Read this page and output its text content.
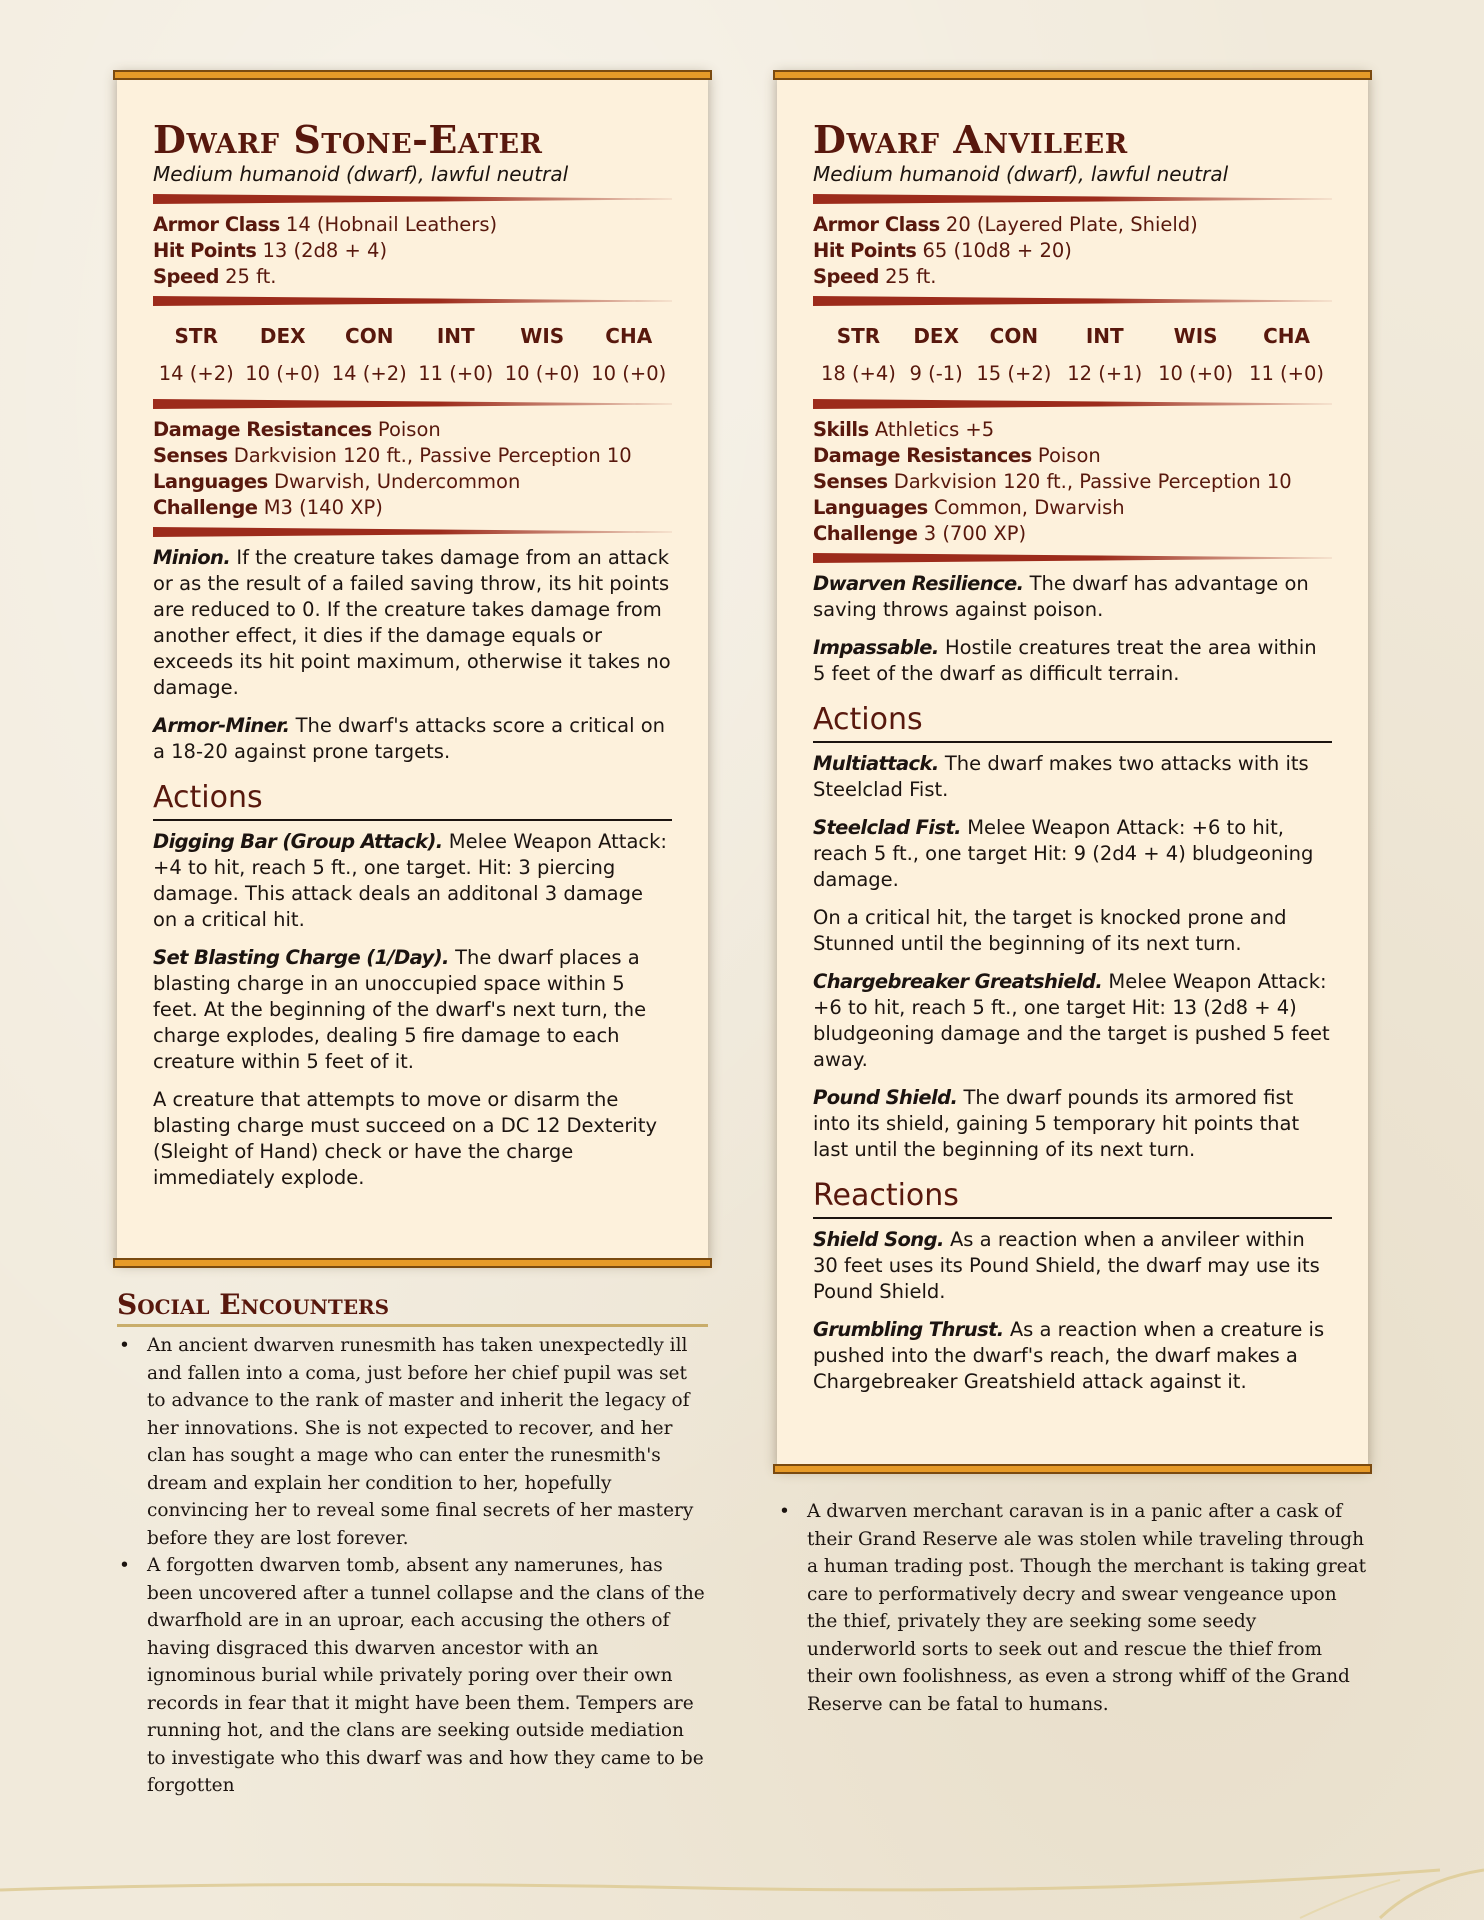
Dwarf Stone-Eater
Medium humanoid (dwarf), lawful neutral
Armor Class 14 (Hobnail Leathers)
Hit Points 13 (2d8 + 4)
Speed 25 ft.
STR	DEX	CON	INT	WIS	CHA
14 (+2)	10 (+0)	14 (+2)	11 (+0)	10 (+0)	10 (+0)
Damage Resistances Poison
Senses Darkvision 120 ft., Passive Perception 10
Languages Dwarvish, Undercommon
Challenge M3 (140 XP)

Minion. If the creature takes damage from an attack or as the result of a failed saving throw, its hit points are reduced to 0. If the creature takes damage from another effect, it dies if the damage equals or exceeds its hit point maximum, otherwise it takes no damage.

Armor-Miner. The dwarf's attacks score a critical on a 18-20 against prone targets.

Actions

Digging Bar (Group Attack). Melee Weapon Attack: +4 to hit, reach 5 ft., one target. Hit: 3 piercing damage. This attack deals an additonal 3 damage on a critical hit.

Set Blasting Charge (1/Day). The dwarf places a blasting charge in an unoccupied space within 5 feet. At the beginning of the dwarf's next turn, the charge explodes, dealing 5 fire damage to each creature within 5 feet of it.

A creature that attempts to move or disarm the blasting charge must succeed on a DC 12 Dexterity (Sleight of Hand) check or have the charge immediately explode.

Dwarf Anvileer
Medium humanoid (dwarf), lawful neutral
Armor Class 20 (Layered Plate, Shield)
Hit Points 65 (10d8 + 20)
Speed 25 ft.
STR	DEX	CON	INT	WIS	CHA
18 (+4)	9 (-1)	15 (+2)	12 (+1)	10 (+0)	11 (+0)
Skills Athletics +5
Damage Resistances Poison
Senses Darkvision 120 ft., Passive Perception 10
Languages Common, Dwarvish
Challenge 3 (700 XP)

Dwarven Resilience. The dwarf has advantage on saving throws against poison.

Impassable. Hostile creatures treat the area within 5 feet of the dwarf as difficult terrain.

Actions

Multiattack. The dwarf makes two attacks with its Steelclad Fist.

Steelclad Fist. Melee Weapon Attack: +6 to hit, reach 5 ft., one target Hit: 9 (2d4 + 4) bludgeoning damage.

On a critical hit, the target is knocked prone and Stunned until the beginning of its next turn.

Chargebreaker Greatshield. Melee Weapon Attack: +6 to hit, reach 5 ft., one target Hit: 13 (2d8 + 4) bludgeoning damage and the target is pushed 5 feet away.

Pound Shield. The dwarf pounds its armored fist into its shield, gaining 5 temporary hit points that last until the beginning of its next turn.

Reactions

Shield Song. As a reaction when a anvileer within 30 feet uses its Pound Shield, the dwarf may use its Pound Shield.

Grumbling Thrust. As a reaction when a creature is pushed into the dwarf's reach, the dwarf makes a Chargebreaker Greatshield attack against it.

Social Encounters
• An ancient dwarven runesmith has taken unexpectedly ill and fallen into a coma, just before her chief pupil was set to advance to the rank of master and inherit the legacy of her innovations. She is not expected to recover, and her clan has sought a mage who can enter the runesmith's dream and explain her condition to her, hopefully convincing her to reveal some final secrets of her mastery before they are lost forever.
• A forgotten dwarven tomb, absent any namerunes, has been uncovered after a tunnel collapse and the clans of the dwarfhold are in an uproar, each accusing the others of having disgraced this dwarven ancestor with an ignominous burial while privately poring over their own records in fear that it might have been them. Tempers are running hot, and the clans are seeking outside mediation to investigate who this dwarf was and how they came to be forgotten
• A dwarven merchant caravan is in a panic after a cask of their Grand Reserve ale was stolen while traveling through a human trading post. Though the merchant is taking great care to performatively decry and swear vengeance upon the thief, privately they are seeking some seedy underworld sorts to seek out and rescue the thief from their own foolishness, as even a strong whiff of the Grand Reserve can be fatal to humans.
